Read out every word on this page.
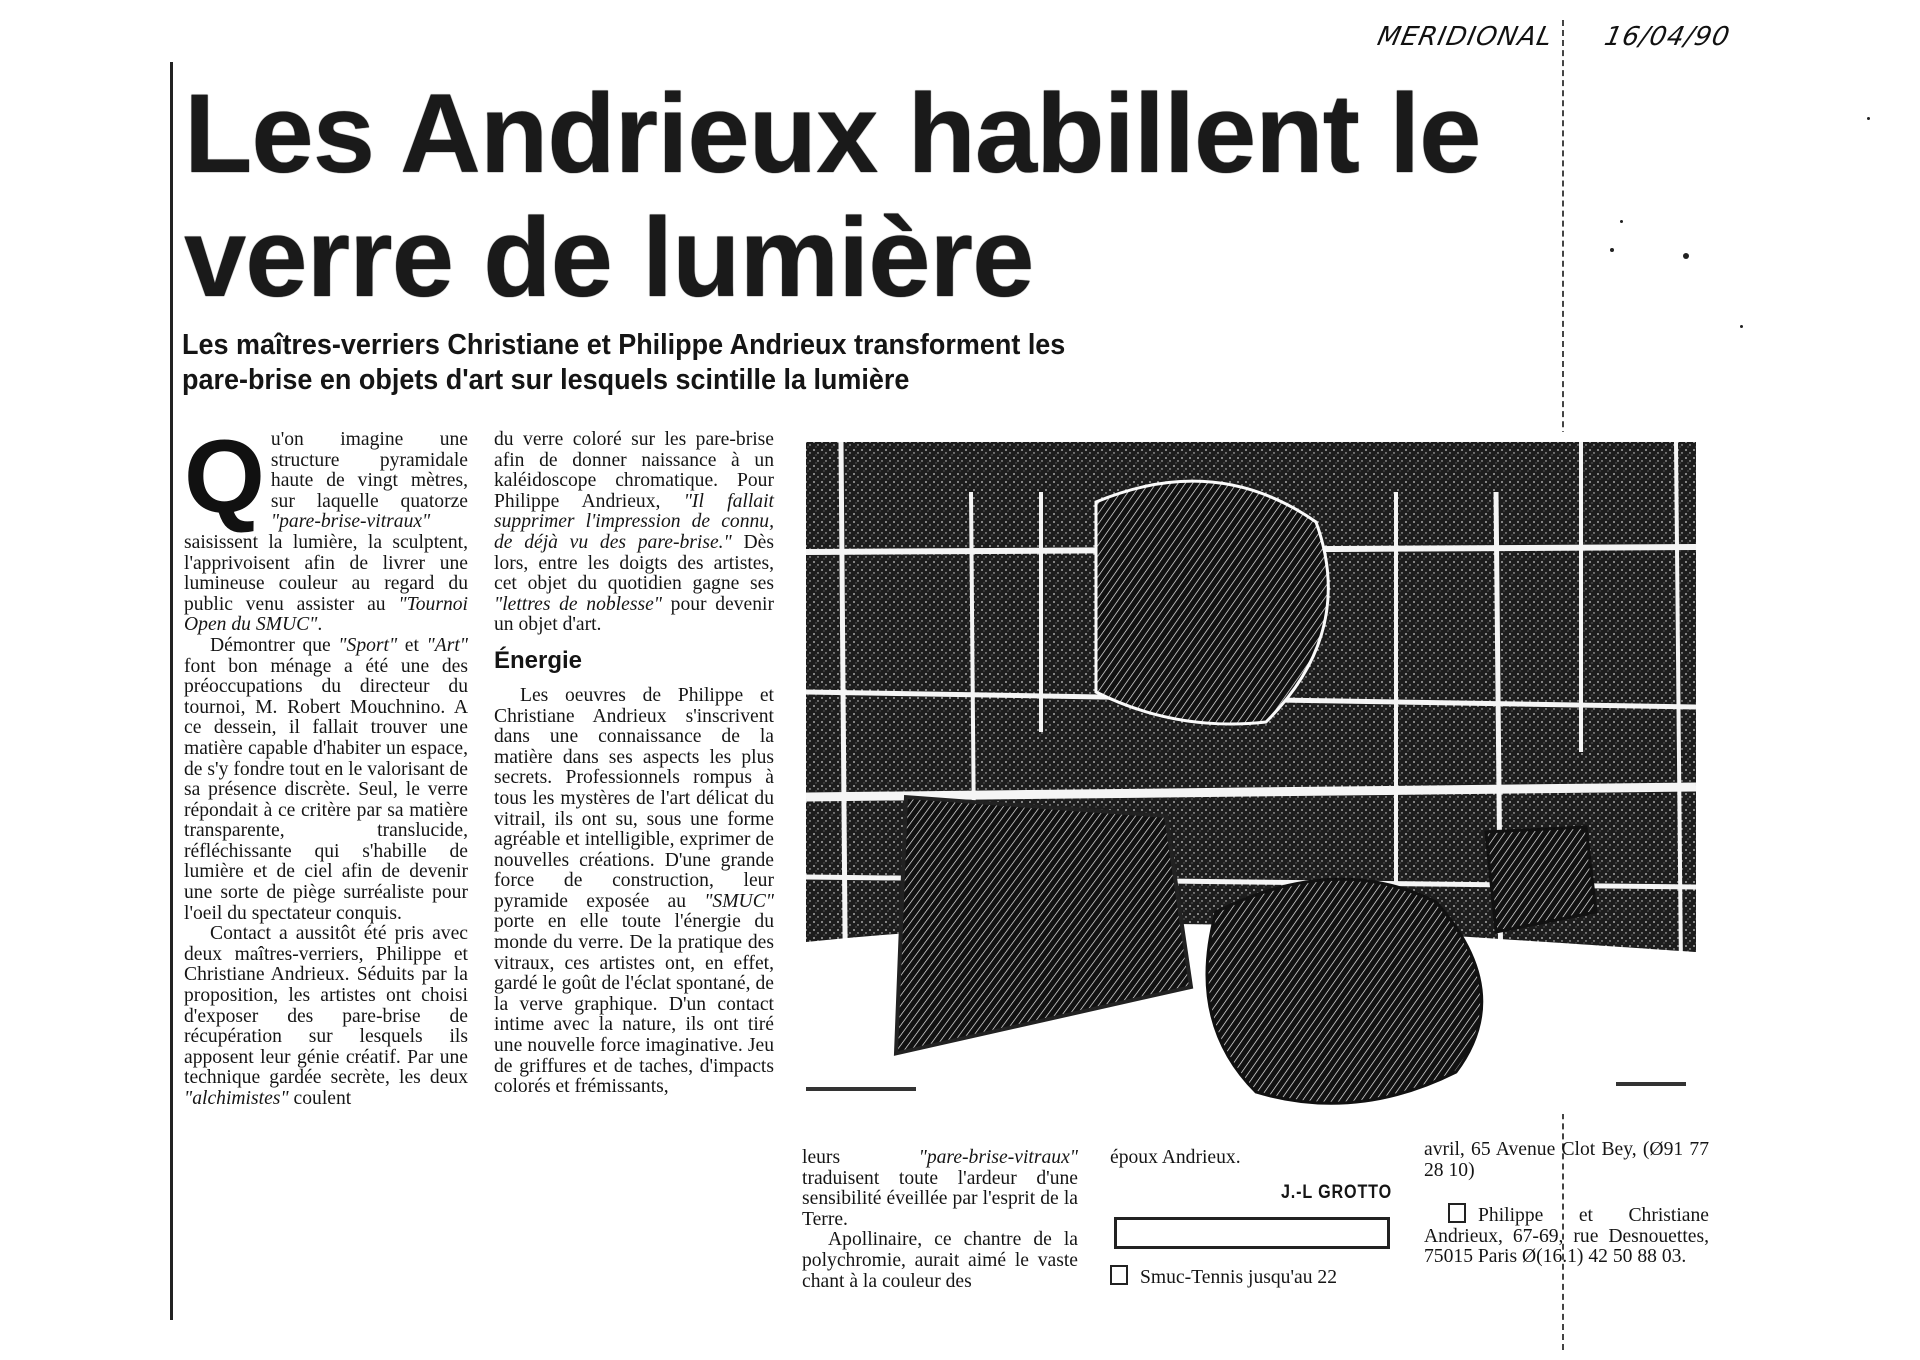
MERIDIONAL 16/04/90
Les Andrieux habillent le
verre de lumière
Les maîtres-verriers Christiane et Philippe Andrieux transforment les
pare-brise en objets d'art sur lesquels scintille la lumière

Qu'on imagine une structure pyramidale haute de vingt mètres, sur laquelle quatorze "pare-brise-vitraux" saisissent la lumière, la sculptent, l'apprivoisent afin de livrer une lumineuse couleur au regard du public venu assister au "Tournoi Open du SMUC".

Démontrer que "Sport" et "Art" font bon ménage a été une des préoccupations du directeur du tournoi, M. Robert Mouchnino. A ce dessein, il fallait trouver une matière capable d'habiter un espace, de s'y fondre tout en le valorisant de sa présence discrète. Seul, le verre répondait à ce critère par sa matière transparente, translucide, réfléchissante qui s'habille de lumière et de ciel afin de devenir une sorte de piège surréaliste pour l'oeil du spectateur conquis.

Contact a aussitôt été pris avec deux maîtres-verriers, Philippe et Christiane Andrieux. Séduits par la proposition, les artistes ont choisi d'exposer des pare-brise de récupération sur lesquels ils apposent leur génie créatif. Par une technique gardée secrète, les deux "alchimistes" coulent

du verre coloré sur les pare-brise afin de donner naissance à un kaléidoscope chromatique. Pour Philippe Andrieux, "Il fallait supprimer l'impression de connu, de déjà vu des pare-brise." Dès lors, entre les doigts des artistes, cet objet du quotidien gagne ses "lettres de noblesse" pour devenir un objet d'art.

Énergie

Les oeuvres de Philippe et Christiane Andrieux s'inscrivent dans une connaissance de la matière dans ses aspects les plus secrets. Professionnels rompus à tous les mystères de l'art délicat du vitrail, ils ont su, sous une forme agréable et intelligible, exprimer de nouvelles créations. D'une grande force de construction, leur pyramide exposée au "SMUC" porte en elle toute l'énergie du monde du verre. De la pratique des vitraux, ces artistes ont, en effet, gardé le goût de l'éclat spontané, de la verve graphique. D'un contact intime avec la nature, ils ont tiré une nouvelle force imaginative. Jeu de griffures et de taches, d'impacts colorés et frémissants,

leurs "pare-brise-vitraux" traduisent toute l'ardeur d'une sensibilité éveillée par l'esprit de la Terre.

Apollinaire, ce chantre de la polychromie, aurait aimé le vaste chant à la couleur des

époux Andrieux.

J.-L GROTTO

Smuc-Tennis jusqu'au 22

avril, 65 Avenue Clot Bey, (Ø91 77 28 10)

Philippe et Christiane Andrieux, 67-69, rue Desnouettes, 75015 Paris Ø(16.1) 42 50 88 03.
